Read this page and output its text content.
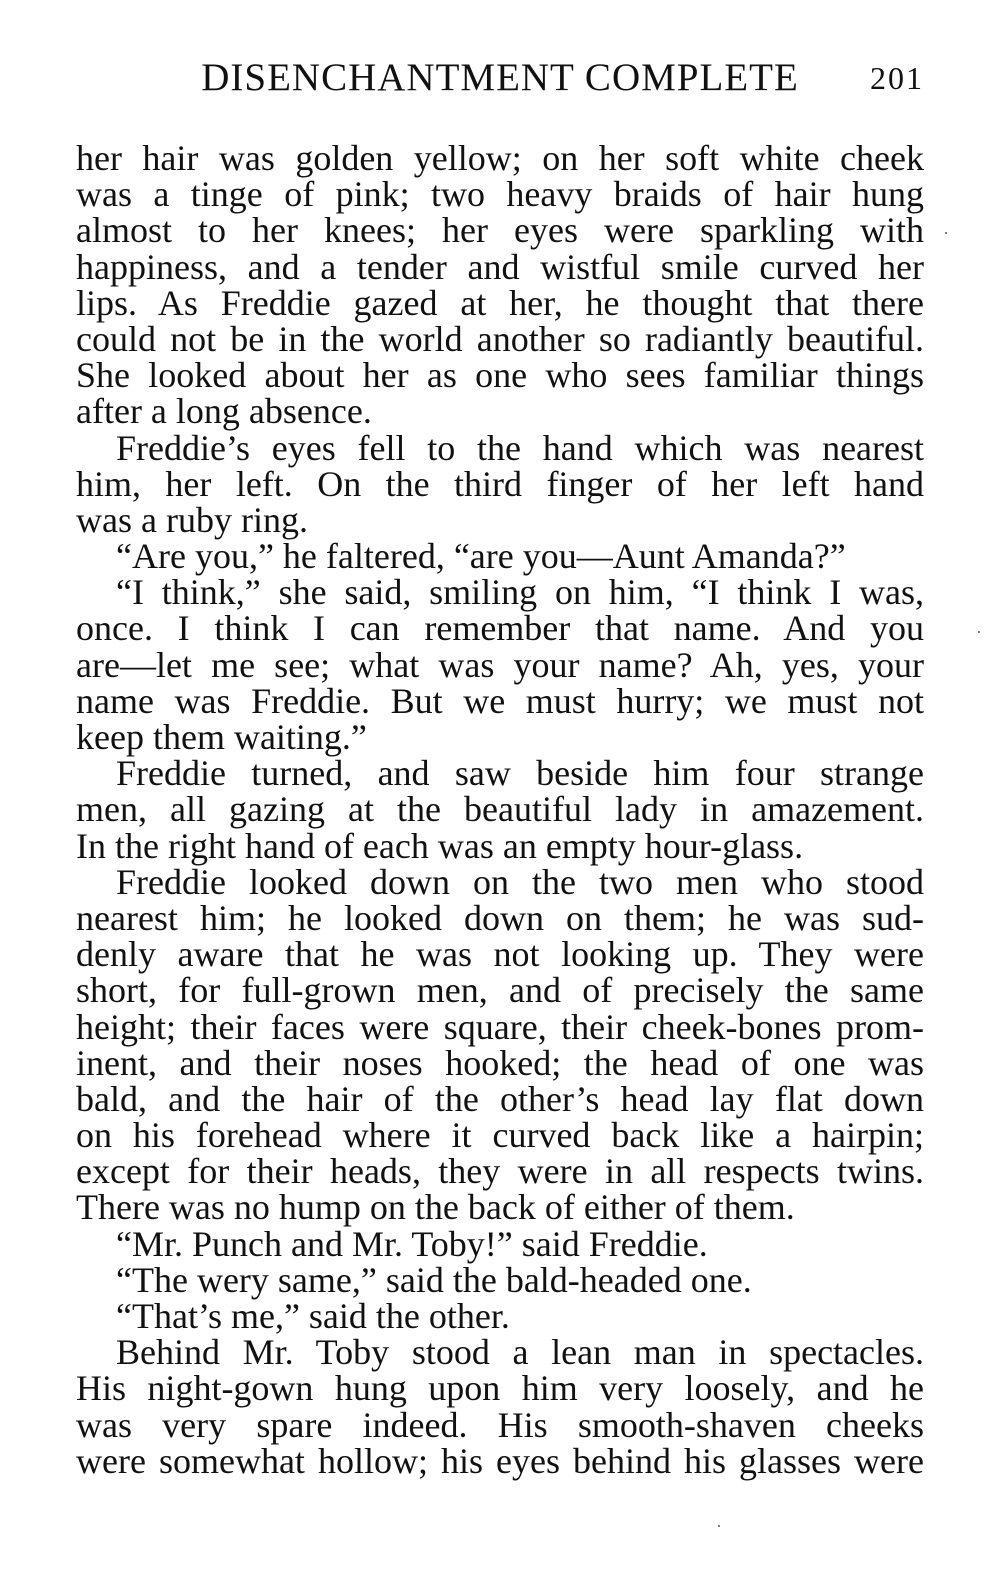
DISENCHANTMENT COMPLETE	201
her hair was golden yellow; on her soft white cheek
was a tinge of pink; two heavy braids of hair hung
almost to her knees; her eyes were sparkling with
happiness, and a tender and wistful smile curved her
lips. As Freddie gazed at her, he thought that there
could not be in the world another so radiantly beautiful.
She looked about her as one who sees familiar things
after a long absence.
Freddie’s eyes fell to the hand which was nearest
him, her left. On the third finger of her left hand
was a ruby ring.
“Are you,” he faltered, “are you—Aunt Amanda?”
“I think,” she said, smiling on him, “I think I was,
once. I think I can remember that name. And you
are—let me see; what was your name? Ah, yes, your
name was Freddie. But we must hurry; we must not
keep them waiting.”
Freddie turned, and saw beside him four strange
men, all gazing at the beautiful lady in amazement.
In the right hand of each was an empty hour-glass.
Freddie looked down on the two men who stood
nearest him; he looked down on them; he was sud-
denly aware that he was not looking up. They were
short, for full-grown men, and of precisely the same
height; their faces were square, their cheek-bones prom-
inent, and their noses hooked; the head of one was
bald, and the hair of the other’s head lay flat down
on his forehead where it curved back like a hairpin;
except for their heads, they were in all respects twins.
There was no hump on the back of either of them.
“Mr. Punch and Mr. Toby!” said Freddie.
“The wery same,” said the bald-headed one.
“That’s me,” said the other.
Behind Mr. Toby stood a lean man in spectacles.
His night-gown hung upon him very loosely, and he
was very spare indeed. His smooth-shaven cheeks
were somewhat hollow; his eyes behind his glasses were
